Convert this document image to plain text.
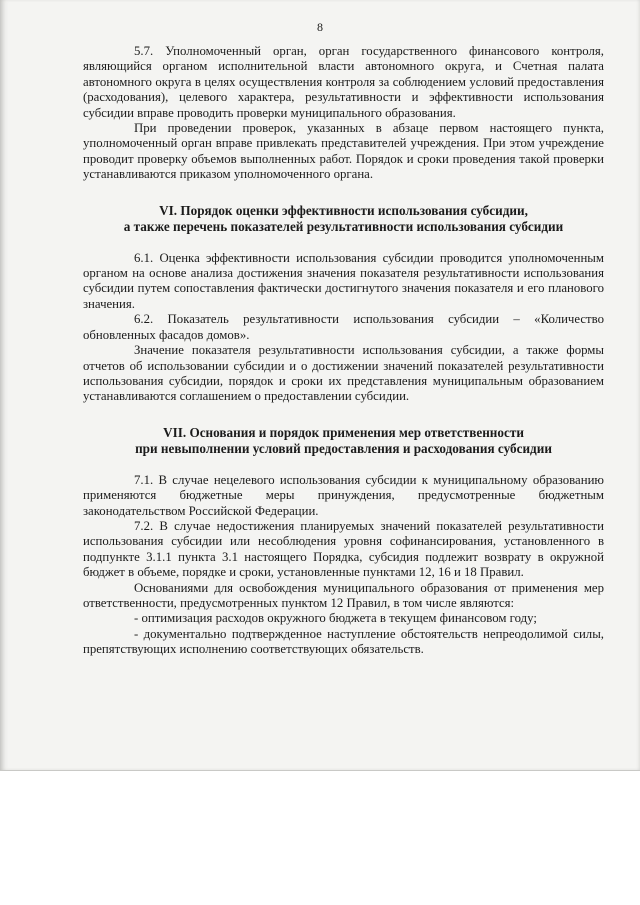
8

5.7. Уполномоченный орган, орган государственного финансового контроля, являющийся органом исполнительной власти автономного округа, и Счетная палата автономного округа в целях осуществления контроля за соблюдением условий предоставления (расходования), целевого характера, результативности и эффективности использования субсидии вправе проводить проверки муниципального образования.

При проведении проверок, указанных в абзаце первом настоящего пункта, уполномоченный орган вправе привлекать представителей учреждения. При этом учреждение проводит проверку объемов выполненных работ. Порядок и сроки проведения такой проверки устанавливаются приказом уполномоченного органа.

VI. Порядок оценки эффективности использования субсидии,

а также перечень показателей результативности использования субсидии

6.1. Оценка эффективности использования субсидии проводится уполномоченным органом на основе анализа достижения значения показателя результативности использования субсидии путем сопоставления фактически достигнутого значения показателя и его планового значения.

6.2. Показатель результативности использования субсидии – «Количество обновленных фасадов домов».

Значение показателя результативности использования субсидии, а также формы отчетов об использовании субсидии и о достижении значений показателей результативности использования субсидии, порядок и сроки их представления муниципальным образованием устанавливаются соглашением о предоставлении субсидии.

VII. Основания и порядок применения мер ответственности

при невыполнении условий предоставления и расходования субсидии

7.1. В случае нецелевого использования субсидии к муниципальному образованию применяются бюджетные меры принуждения, предусмотренные бюджетным законодательством Российской Федерации.

7.2. В случае недостижения планируемых значений показателей результативности использования субсидии или несоблюдения уровня софинансирования, установленного в подпункте 3.1.1 пункта 3.1 настоящего Порядка, субсидия подлежит возврату в окружной бюджет в объеме, порядке и сроки, установленные пунктами 12, 16 и 18 Правил.

Основаниями для освобождения муниципального образования от применения мер ответственности, предусмотренных пунктом 12 Правил, в том числе являются:

- оптимизация расходов окружного бюджета в текущем финансовом году;

- документально подтвержденное наступление обстоятельств непреодолимой силы, препятствующих исполнению соответствующих обязательств.
